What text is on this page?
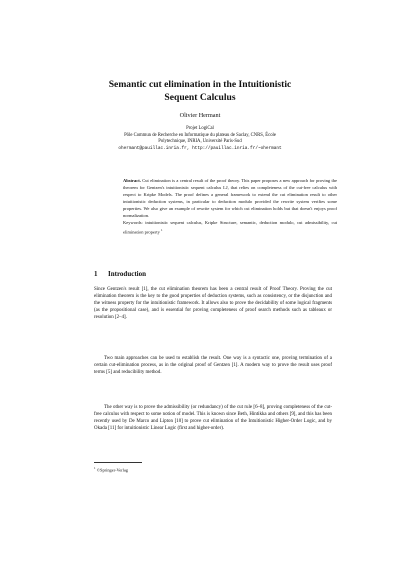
Semantic cut elimination in the Intuitionistic
Sequent Calculus
Olivier Hermant
Projet LogiCal
Pôle Commun de Recherche en Informatique du plateau de Saclay, CNRS, École
Polytechnique, INRIA, Université Paris-Sud
ohermant@pauillac.inria.fr, http://pauillac.inria.fr/~ohermant
Abstract. Cut elimination is a central result of the proof theory. This paper proposes a new approach for proving the theorem for Gentzen's intuitionistic sequent calculus LJ, that relies on completeness of the cut-free calculus with respect to Kripke Models. The proof defines a general framework to extend the cut elimination result to other intuitionistic deduction systems, in particular to deduction modulo provided the rewrite system verifies some properties. We also give an example of rewrite system for which cut elimination holds but that doesn't enjoys proof normalization.
Keywords: intuitionistic sequent calculus, Kripke Structure, semantic, deduction modulo, cut admissibility, cut elimination property $^1$
1 Introduction

Since Gentzen's result [1], the cut elimination theorem has been a central result of Proof Theory. Proving the cut elimination theorem is the key to the good properties of deduction systems, such as consistency, or the disjunction and the witness property for the intuitionistic framework. It allows also to prove the decidability of some logical fragments (as the propositional case), and is essential for proving completeness of proof search methods such as tableaux or resolution [2–4].

Two main approaches can be used to establish the result. One way is a syntactic one, proving termination of a certain cut-elimination process, as in the original proof of Gentzen [1]. A modern way to prove the result uses proof terms [5] and reducibility method.

The other way is to prove the admissibility (or redundancy) of the cut rule [6–8], proving completeness of the cut-free calculus with respect to some notion of model. This is known since Beth, Hintikka and others [9], and this has been recently used by De Marco and Lipton [10] to prove cut elimination of the Intuitionistic Higher-Order Logic, and by Okada [11] for intuitionistic Linear Logic (first and higher-order).

$^1$ ©Springer-Verlag
